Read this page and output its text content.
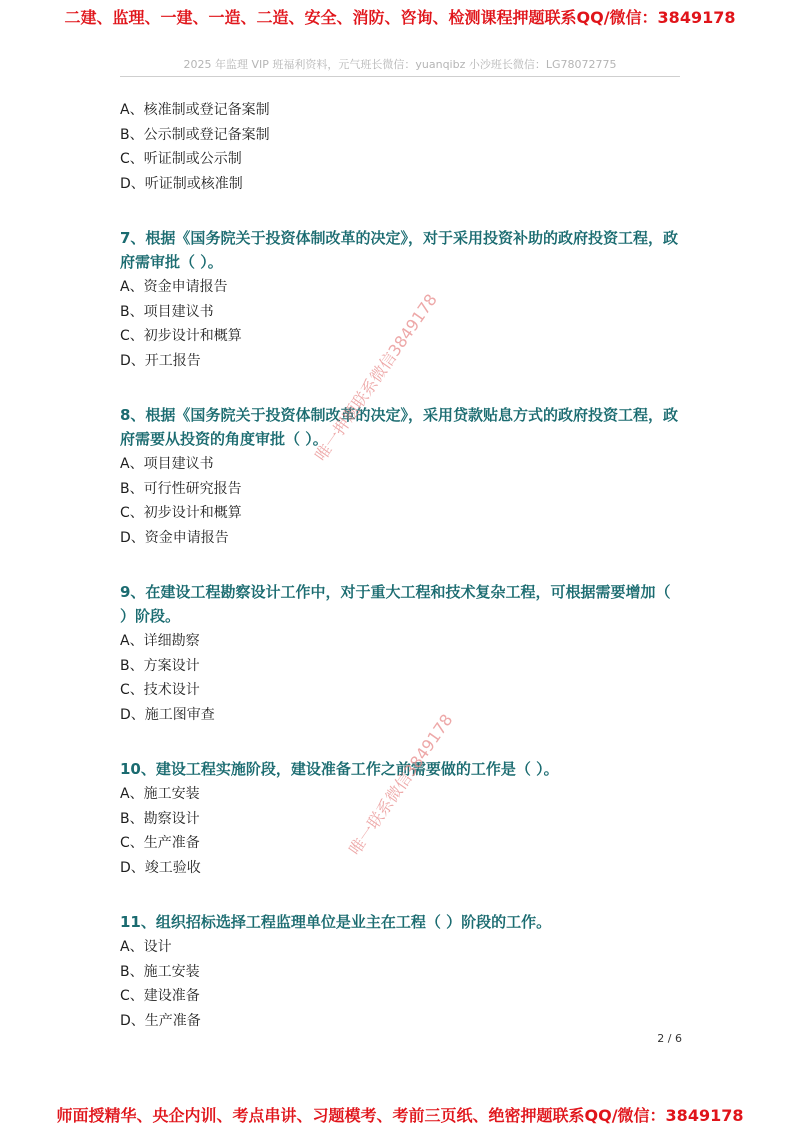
二建、监理、一建、一造、二造、安全、消防、咨询、检测课程押题联系QQ/微信：3849178
2025 年监理 VIP 班福利资料，元气班长微信：yuanqibz 小沙班长微信：LG78072775
A、核准制或登记备案制
B、公示制或登记备案制
C、听证制或公示制
D、听证制或核准制
7、根据《国务院关于投资体制改革的决定》，对于采用投资补助的政府投资工程，政府需审批（ ）。
A、资金申请报告
B、项目建议书
C、初步设计和概算
D、开工报告
8、根据《国务院关于投资体制改革的决定》，采用贷款贴息方式的政府投资工程，政府需要从投资的角度审批（ ）。
A、项目建议书
B、可行性研究报告
C、初步设计和概算
D、资金申请报告
9、在建设工程勘察设计工作中，对于重大工程和技术复杂工程，可根据需要增加（ ）阶段。
A、详细勘察
B、方案设计
C、技术设计
D、施工图审查
10、建设工程实施阶段，建设准备工作之前需要做的工作是（ ）。
A、施工安装
B、勘察设计
C、生产准备
D、竣工验收
11、组织招标选择工程监理单位是业主在工程（ ）阶段的工作。
A、设计
B、施工安装
C、建设准备
D、生产准备
唯一押题联系微信3849178
唯一联系微信3849178
2 / 6
师面授精华、央企内训、考点串讲、习题模考、考前三页纸、绝密押题联系QQ/微信：3849178
